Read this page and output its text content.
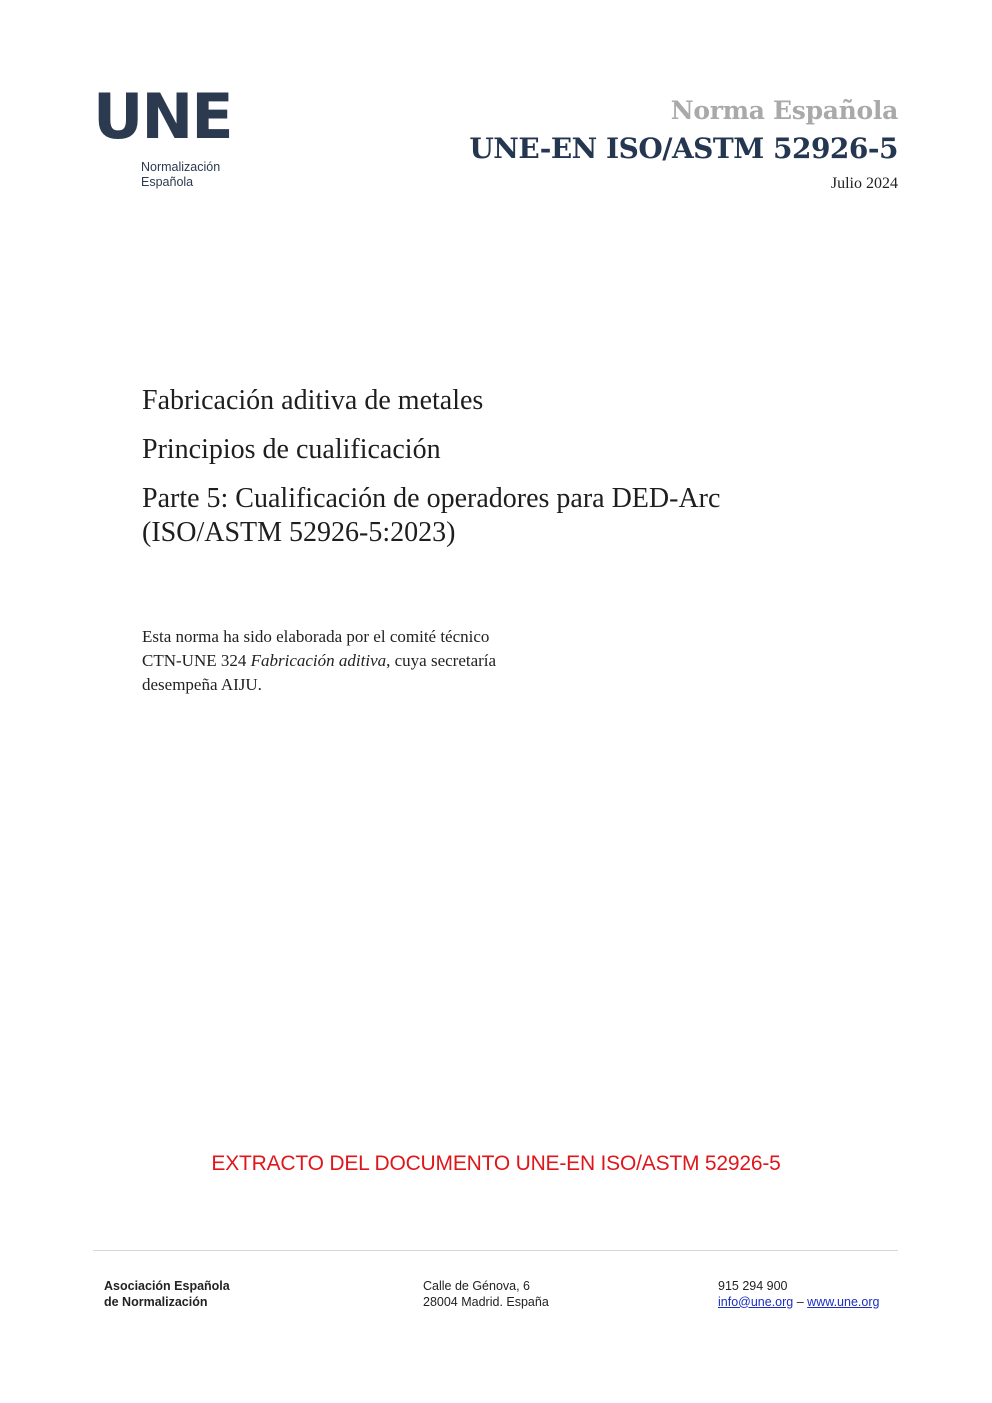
UNE
Normalización
Española
Norma Española
UNE-EN ISO/ASTM 52926-5
Julio 2024
Fabricación aditiva de metales
Principios de cualificación
Parte 5: Cualificación de operadores para DED-Arc
(ISO/ASTM 52926-5:2023)
Esta norma ha sido elaborada por el comité técnico
CTN-UNE 324 Fabricación aditiva, cuya secretaría
desempeña AIJU.
EXTRACTO DEL DOCUMENTO UNE-EN ISO/ASTM 52926-5
Asociación Española
de Normalización
Calle de Génova, 6
28004 Madrid. España
915 294 900
info@une.org – www.une.org
